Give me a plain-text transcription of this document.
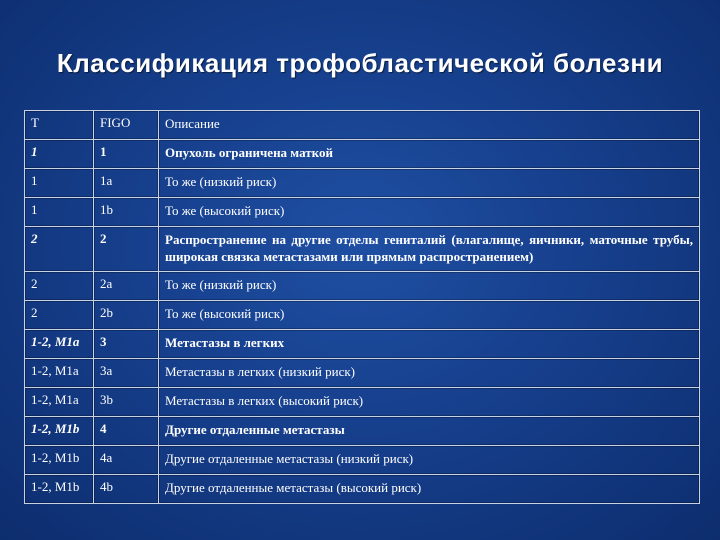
Классификация трофобластической болезни
T	FIGO	Описание
1	1	Опухоль ограничена маткой
1	1a	То же (низкий риск)
1	1b	То же (высокий риск)
2	2	Распространение на другие отделы гениталий (влагалище, яичники, маточные трубы, широкая связка метастазами или прямым распространением)
2	2a	То же (низкий риск)
2	2b	То же (высокий риск)
1-2, M1a	3	Метастазы в легких
1-2, M1a	3a	Метастазы в легких (низкий риск)
1-2, M1a	3b	Метастазы в легких (высокий риск)
1-2, M1b	4	Другие отдаленные метастазы
1-2, M1b	4a	Другие отдаленные метастазы (низкий риск)
1-2, M1b	4b	Другие отдаленные метастазы (высокий риск)
